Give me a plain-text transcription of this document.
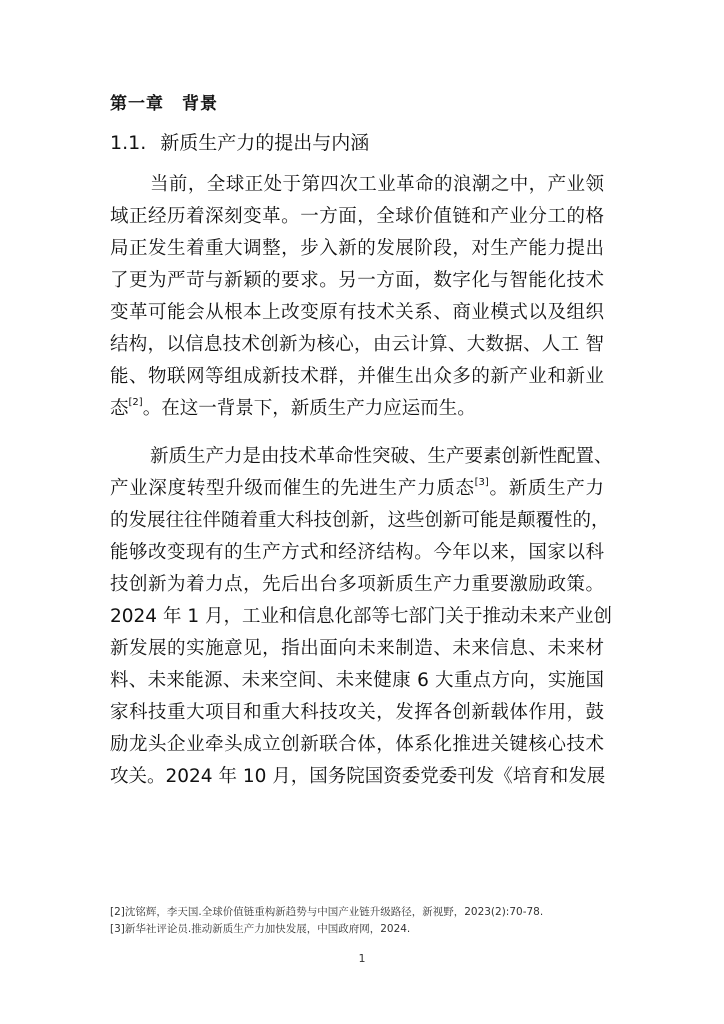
第一章　背景
1.1. 新质生产力的提出与内涵
当前，全球正处于第四次工业革命的浪潮之中，产业领
域正经历着深刻变革。一方面，全球价值链和产业分工的格
局正发生着重大调整，步入新的发展阶段，对生产能力提出
了更为严苛与新颖的要求。另一方面，数字化与智能化技术
变革可能会从根本上改变原有技术关系、商业模式以及组织
结构，以信息技术创新为核心，由云计算、大数据、人工 智
能、物联网等组成新技术群，并催生出众多的新产业和新业
态[2]。在这一背景下，新质生产力应运而生。
新质生产力是由技术革命性突破、生产要素创新性配置、
产业深度转型升级而催生的先进生产力质态[3]。新质生产力
的发展往往伴随着重大科技创新，这些创新可能是颠覆性的，
能够改变现有的生产方式和经济结构。今年以来，国家以科
技创新为着力点，先后出台多项新质生产力重要激励政策。
2024 年 1 月，工业和信息化部等七部门关于推动未来产业创
新发展的实施意见，指出面向未来制造、未来信息、未来材
料、未来能源、未来空间、未来健康 6 大重点方向，实施国
家科技重大项目和重大科技攻关，发挥各创新载体作用，鼓
励龙头企业牵头成立创新联合体，体系化推进关键核心技术
攻关。2024 年 10 月，国务院国资委党委刊发《培育和发展
[2]沈铭辉，李天国.全球价值链重构新趋势与中国产业链升级路径，新视野，2023(2):70-78.
[3]新华社评论员.推动新质生产力加快发展，中国政府网，2024.
1
